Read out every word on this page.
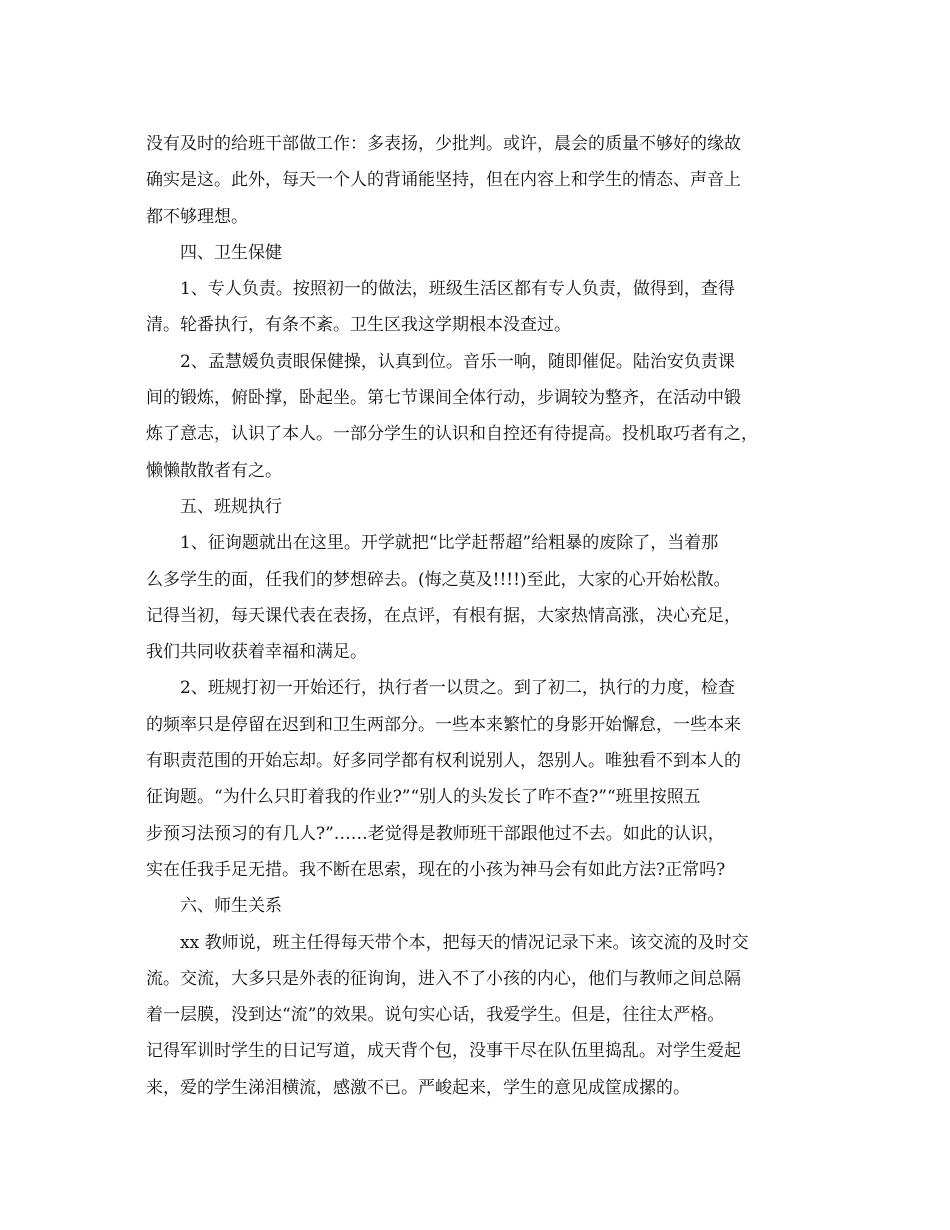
没有及时的给班干部做工作：多表扬，少批判。或许，晨会的质量不够好的缘故
确实是这。此外，每天一个人的背诵能坚持，但在内容上和学生的情态、声音上
都不够理想。
四、卫生保健
1、专人负责。按照初一的做法，班级生活区都有专人负责，做得到，查得
清。轮番执行，有条不紊。卫生区我这学期根本没查过。
2、孟慧媛负责眼保健操，认真到位。音乐一响，随即催促。陆治安负责课
间的锻炼，俯卧撑，卧起坐。第七节课间全体行动，步调较为整齐，在活动中锻
炼了意志，认识了本人。一部分学生的认识和自控还有待提高。投机取巧者有之，
懒懒散散者有之。
五、班规执行
1、征询题就出在这里。开学就把“比学赶帮超”给粗暴的废除了，当着那
么多学生的面，任我们的梦想碎去。(悔之莫及!!!!)至此，大家的心开始松散。
记得当初，每天课代表在表扬，在点评，有根有据，大家热情高涨，决心充足，
我们共同收获着幸福和满足。
2、班规打初一开始还行，执行者一以贯之。到了初二，执行的力度，检查
的频率只是停留在迟到和卫生两部分。一些本来繁忙的身影开始懈怠，一些本来
有职责范围的开始忘却。好多同学都有权利说别人，怨别人。唯独看不到本人的
征询题。“为什么只盯着我的作业?”“别人的头发长了咋不查?”“班里按照五
步预习法预习的有几人?”……老觉得是教师班干部跟他过不去。如此的认识，
实在任我手足无措。我不断在思索，现在的小孩为神马会有如此方法?正常吗?
六、师生关系
xx 教师说，班主任得每天带个本，把每天的情况记录下来。该交流的及时交
流。交流，大多只是外表的征询询，进入不了小孩的内心，他们与教师之间总隔
着一层膜，没到达“流”的效果。说句实心话，我爱学生。但是，往往太严格。
记得军训时学生的日记写道，成天背个包，没事干尽在队伍里捣乱。对学生爱起
来，爱的学生涕泪横流，感激不已。严峻起来，学生的意见成筐成摞的。
